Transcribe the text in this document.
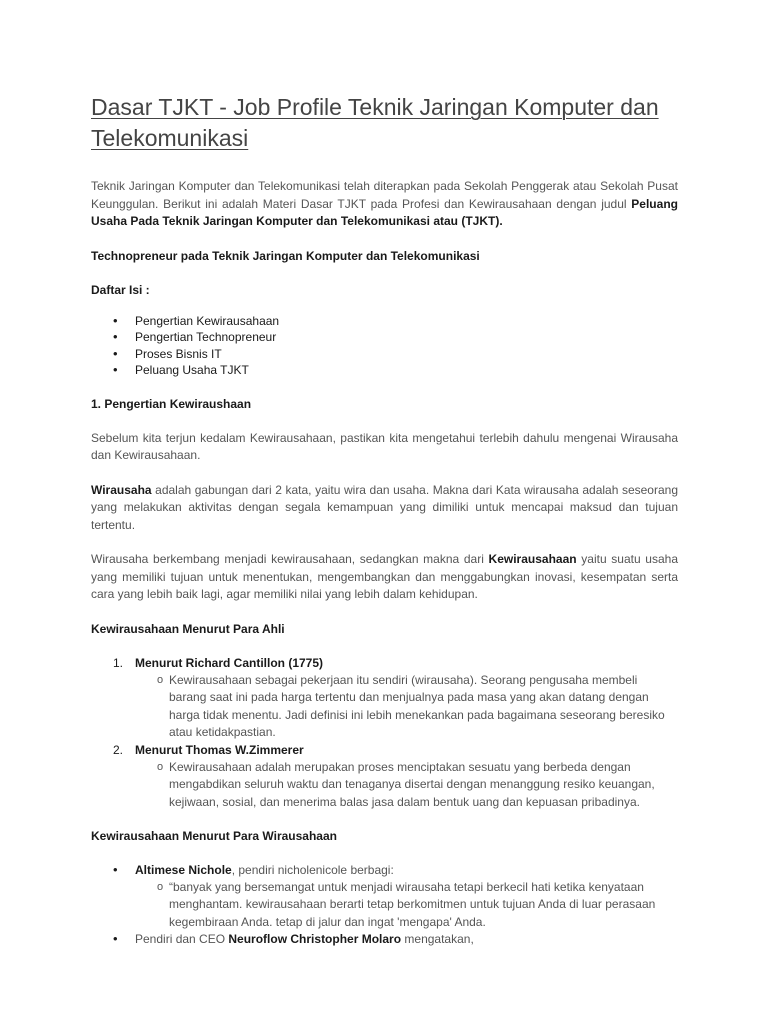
Dasar TJKT - Job Profile Teknik Jaringan Komputer dan Telekomunikasi

Teknik Jaringan Komputer dan Telekomunikasi telah diterapkan pada Sekolah Penggerak atau Sekolah Pusat Keunggulan. Berikut ini adalah Materi Dasar TJKT pada Profesi dan Kewirausahaan dengan judul Peluang Usaha Pada Teknik Jaringan Komputer dan Telekomunikasi atau (TJKT).

Technopreneur pada Teknik Jaringan Komputer dan Telekomunikasi
Daftar Isi :
• Pengertian Kewirausahaan
• Pengertian Technopreneur
• Proses Bisnis IT
• Peluang Usaha TJKT
1. Pengertian Kewiraushaan

Sebelum kita terjun kedalam Kewirausahaan, pastikan kita mengetahui terlebih dahulu mengenai Wirausaha dan Kewirausahaan.

Wirausaha adalah gabungan dari 2 kata, yaitu wira dan usaha. Makna dari Kata wirausaha adalah seseorang yang melakukan aktivitas dengan segala kemampuan yang dimiliki untuk mencapai maksud dan tujuan tertentu.

Wirausaha berkembang menjadi kewirausahaan, sedangkan makna dari Kewirausahaan yaitu suatu usaha yang memiliki tujuan untuk menentukan, mengembangkan dan menggabungkan inovasi, kesempatan serta cara yang lebih baik lagi, agar memiliki nilai yang lebih dalam kehidupan.

Kewirausahaan Menurut Para Ahli
1. Menurut Richard Cantillon (1775)
o Kewirausahaan sebagai pekerjaan itu sendiri (wirausaha). Seorang pengusaha membeli barang saat ini pada harga tertentu dan menjualnya pada masa yang akan datang dengan harga tidak menentu. Jadi definisi ini lebih menekankan pada bagaimana seseorang beresiko atau ketidakpastian.
2. Menurut Thomas W.Zimmerer
o Kewirausahaan adalah merupakan proses menciptakan sesuatu yang berbeda dengan mengabdikan seluruh waktu dan tenaganya disertai dengan menanggung resiko keuangan, kejiwaan, sosial, dan menerima balas jasa dalam bentuk uang dan kepuasan pribadinya.
Kewirausahaan Menurut Para Wirausahaan
• Altimese Nichole, pendiri nicholenicole berbagi:
o “banyak yang bersemangat untuk menjadi wirausaha tetapi berkecil hati ketika kenyataan menghantam. kewirausahaan berarti tetap berkomitmen untuk tujuan Anda di luar perasaan kegembiraan Anda. tetap di jalur dan ingat 'mengapa' Anda.
• Pendiri dan CEO Neuroflow Christopher Molaro mengatakan,
